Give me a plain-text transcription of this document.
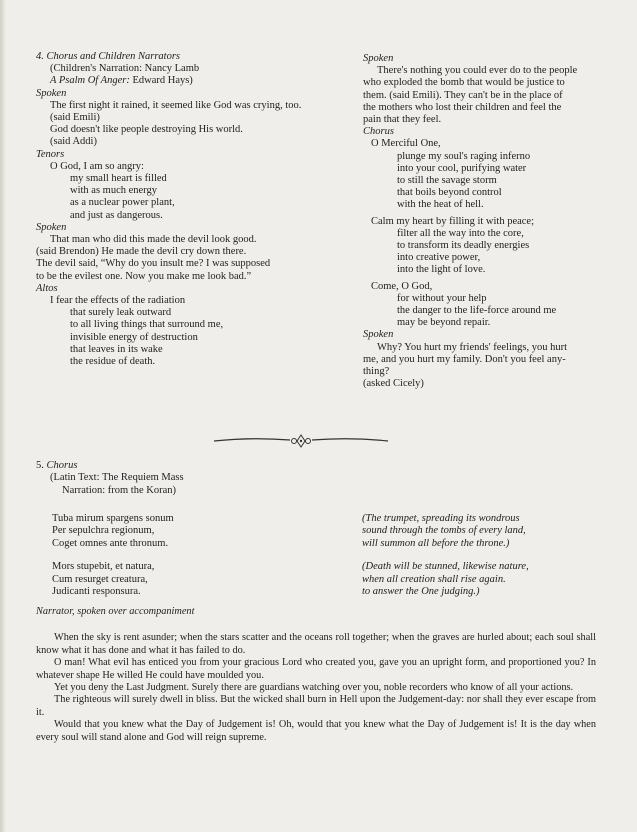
4. Chorus and Children Narrators
(Children's Narration: Nancy Lamb
A Psalm Of Anger: Edward Hays)
Spoken
The first night it rained, it seemed like God was crying, too.
(said Emili)
God doesn't like people destroying His world.
(said Addi)
Tenors
O God, I am so angry:
my small heart is filled
with as much energy
as a nuclear power plant,
and just as dangerous.
Spoken
That man who did this made the devil look good.
(said Brendon) He made the devil cry down there.
The devil said, “Why do you insult me? I was supposed
to be the evilest one. Now you make me look bad.”
Altos
I fear the effects of the radiation
that surely leak outward
to all living things that surround me,
invisible energy of destruction
that leaves in its wake
the residue of death.
Spoken
There's nothing you could ever do to the people
who exploded the bomb that would be justice to
them. (said Emili). They can't be in the place of
the mothers who lost their children and feel the
pain that they feel.
Chorus
O Merciful One,
plunge my soul's raging inferno
into your cool, purifying water
to still the savage storm
that boils beyond control
with the heat of hell.
Calm my heart by filling it with peace;
filter all the way into the core,
to transform its deadly energies
into creative power,
into the light of love.
Come, O God,
for without your help
the danger to the life-force around me
may be beyond repair.
Spoken
Why? You hurt my friends' feelings, you hurt
me, and you hurt my family. Don't you feel any-
thing?
(asked Cicely)
5. Chorus
(Latin Text: The Requiem Mass
Narration: from the Koran)
Tuba mirum spargens sonum
Per sepulchra regionum,
Coget omnes ante thronum.
Mors stupebit, et natura,
Cum resurget creatura,
Judicanti responsura.
(The trumpet, spreading its wondrous
sound through the tombs of every land,
will summon all before the throne.)
(Death will be stunned, likewise nature,
when all creation shall rise again.
to answer the One judging.)
Narrator, spoken over accompaniment

When the sky is rent asunder; when the stars scatter and the oceans roll together; when the graves are hurled about; each soul shall know what it has done and what it has failed to do.

O man! What evil has enticed you from your gracious Lord who created you, gave you an upright form, and proportioned you? In whatever shape He willed He could have moulded you.

Yet you deny the Last Judgment. Surely there are guardians watching over you, noble recorders who know of all your actions.

The righteous will surely dwell in bliss. But the wicked shall burn in Hell upon the Judgement-day: nor shall they ever escape from it.

Would that you knew what the Day of Judgement is! Oh, would that you knew what the Day of Judgement is! It is the day when every soul will stand alone and God will reign supreme.
